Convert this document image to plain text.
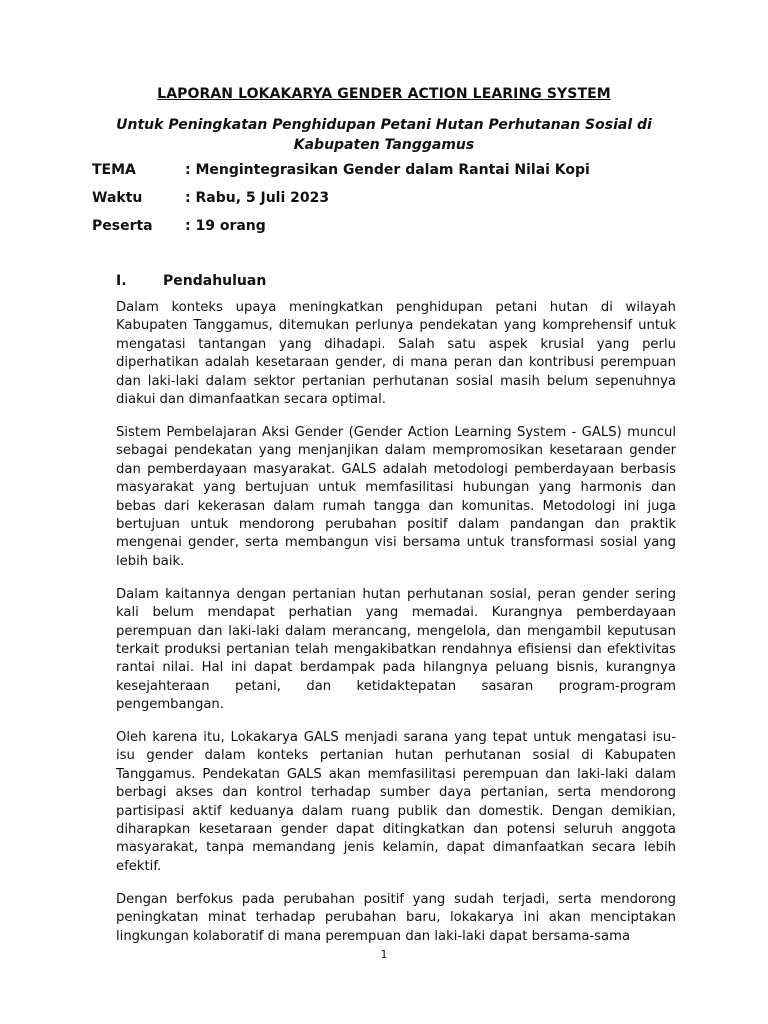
LAPORAN LOKAKARYA GENDER ACTION LEARING SYSTEM
Untuk Peningkatan Penghidupan Petani Hutan Perhutanan Sosial di Kabupaten Tanggamus
TEMA	: Mengintegrasikan Gender dalam Rantai Nilai Kopi
Waktu	: Rabu, 5 Juli 2023
Peserta : 19 orang
I.	Pendahuluan

Dalam konteks upaya meningkatkan penghidupan petani hutan di wilayah Kabupaten Tanggamus, ditemukan perlunya pendekatan yang komprehensif untuk mengatasi tantangan yang dihadapi. Salah satu aspek krusial yang perlu diperhatikan adalah kesetaraan gender, di mana peran dan kontribusi perempuan dan laki-laki dalam sektor pertanian perhutanan sosial masih belum sepenuhnya diakui dan dimanfaatkan secara optimal.

Sistem Pembelajaran Aksi Gender (Gender Action Learning System - GALS) muncul sebagai pendekatan yang menjanjikan dalam mempromosikan kesetaraan gender dan pemberdayaan masyarakat. GALS adalah metodologi pemberdayaan berbasis masyarakat yang bertujuan untuk memfasilitasi hubungan yang harmonis dan bebas dari kekerasan dalam rumah tangga dan komunitas. Metodologi ini juga bertujuan untuk mendorong perubahan positif dalam pandangan dan praktik mengenai gender, serta membangun visi bersama untuk transformasi sosial yang lebih baik.

Dalam kaitannya dengan pertanian hutan perhutanan sosial, peran gender sering kali belum mendapat perhatian yang memadai. Kurangnya pemberdayaan perempuan dan laki-laki dalam merancang, mengelola, dan mengambil keputusan terkait produksi pertanian telah mengakibatkan rendahnya efisiensi dan efektivitas rantai nilai. Hal ini dapat berdampak pada hilangnya peluang bisnis, kurangnya kesejahteraan petani, dan ketidaktepatan sasaran program-program pengembangan.

Oleh karena itu, Lokakarya GALS menjadi sarana yang tepat untuk mengatasi isu-isu gender dalam konteks pertanian hutan perhutanan sosial di Kabupaten Tanggamus. Pendekatan GALS akan memfasilitasi perempuan dan laki-laki dalam berbagi akses dan kontrol terhadap sumber daya pertanian, serta mendorong partisipasi aktif keduanya dalam ruang publik dan domestik. Dengan demikian, diharapkan kesetaraan gender dapat ditingkatkan dan potensi seluruh anggota masyarakat, tanpa memandang jenis kelamin, dapat dimanfaatkan secara lebih efektif.

Dengan berfokus pada perubahan positif yang sudah terjadi, serta mendorong peningkatan minat terhadap perubahan baru, lokakarya ini akan menciptakan lingkungan kolaboratif di mana perempuan dan laki-laki dapat bersama-sama

1
